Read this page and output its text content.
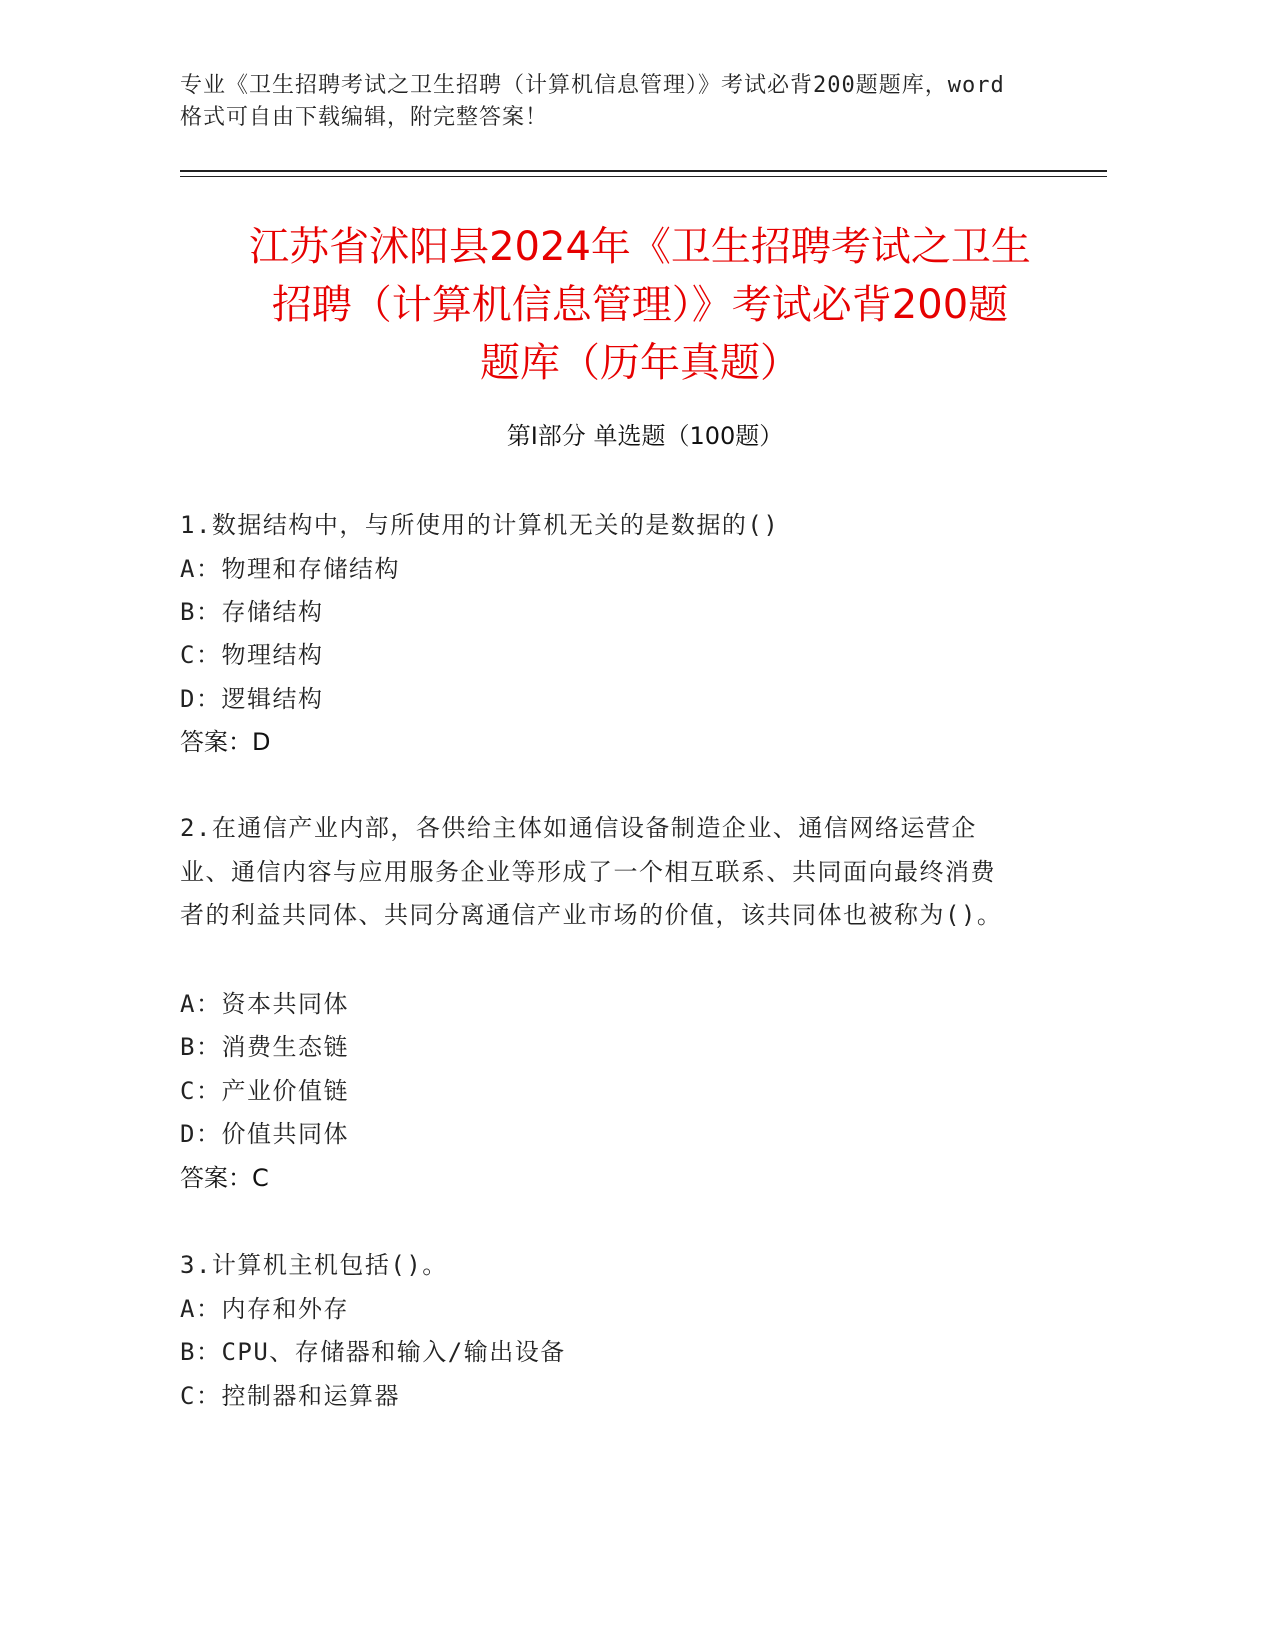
专业《卫生招聘考试之卫生招聘（计算机信息管理）》考试必背200题题库，word
格式可自由下载编辑，附完整答案！
江苏省沭阳县2024年《卫生招聘考试之卫生
招聘（计算机信息管理）》考试必背200题
题库（历年真题）
第I部分 单选题（100题）
1.数据结构中，与所使用的计算机无关的是数据的()
A：物理和存储结构
B：存储结构
C：物理结构
D：逻辑结构
答案：D
2.在通信产业内部，各供给主体如通信设备制造企业、通信网络运营企业、通信内容与应用服务企业等形成了一个相互联系、共同面向最终消费者的利益共同体、共同分离通信产业市场的价值，该共同体也被称为()。
A：资本共同体
B：消费生态链
C：产业价值链
D：价值共同体
答案：C
3.计算机主机包括()。
A：内存和外存
B：CPU、存储器和输入/输出设备
C：控制器和运算器
